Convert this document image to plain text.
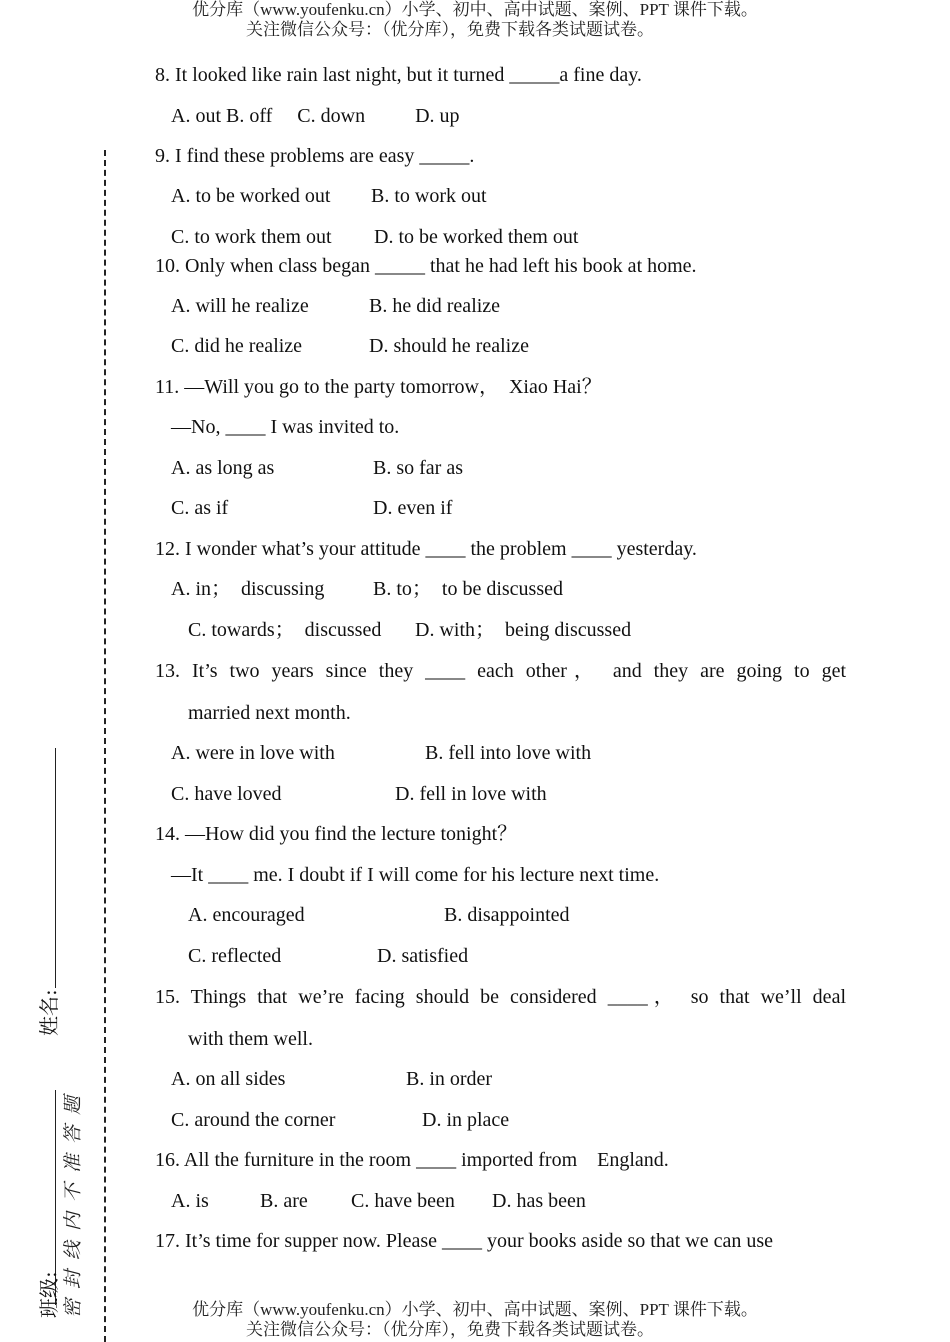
优分库（www.youfenku.cn）小学、初中、高中试题、案例、PPT 课件下载。
关注微信公众号：（优分库），免费下载各类试题试卷。
姓名:
班级: 密封线内不准答题
8. It looked like rain last night, but it turned _____a fine day.
A. out B. off     C. down          D. up
9. I find these problems are easy _____.
A. to be worked out B. to work out
C. to work them out D. to be worked them out
10. Only when class began _____ that he had left his book at home.
A. will he realize	B. he did realize
C. did he realize	D. should he realize
11. —Will you go to the party tomorrow，  Xiao Hai？
—No, ____ I was invited to.
A. as long as	B. so far as
C. as if	D. even if
12. I wonder what’s your attitude ____ the problem ____ yesterday.
A. in；  discussing B. to；  to be discussed
C. towards；  discussed D. with；  being discussed
13. It’s two years since they ____ each other， and they are going to get
married next month.
A. were in love with	B. fell into love with
C. have loved	D. fell in love with
14. —How did you find the lecture tonight？
—It ____ me. I doubt if I will come for his lecture next time.
A. encouraged	B. disappointed
C. reflected	D. satisfied
15. Things that we’re facing should be considered ____， so that we’ll deal
with them well.
A. on all sides	B. in order
C. around the corner	D. in place
16. All the furniture in the room ____ imported from    England.
A. is	B. are C. have been D. has been
17. It’s time for supper now. Please ____ your books aside so that we can use
优分库（www.youfenku.cn）小学、初中、高中试题、案例、PPT 课件下载。
关注微信公众号：（优分库），免费下载各类试题试卷。
